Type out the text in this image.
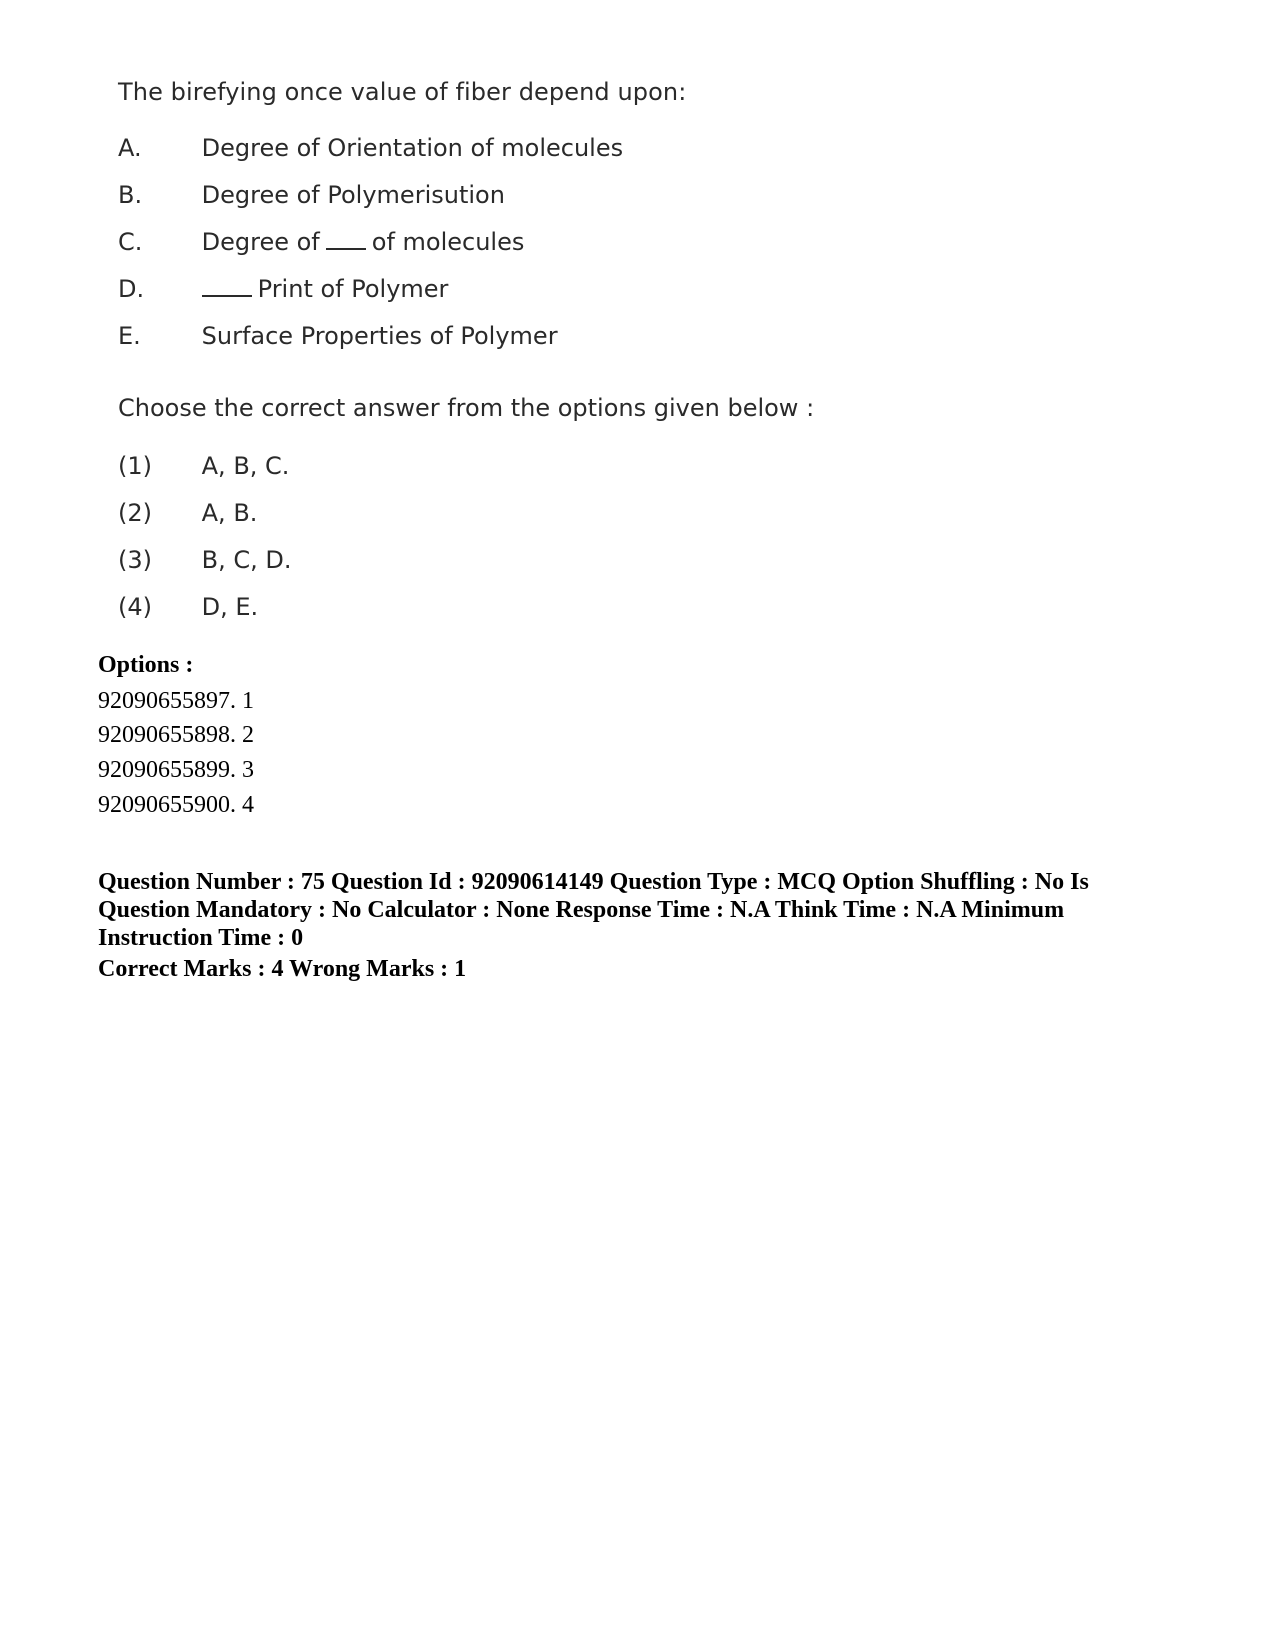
The birefying once value of fiber depend upon:
A.	Degree of Orientation of molecules
B. Degree of Polymerisution
C. Degree of of molecules
D.	Print of Polymer
E.	Surface Properties of Polymer
Choose the correct answer from the options given below :
(1) A, B, C.
(2) A, B.
(3) B, C, D.
(4) D, E.
Options :
92090655897. 1
92090655898. 2
92090655899. 3
92090655900. 4
Question Number : 75 Question Id : 92090614149 Question Type : MCQ Option Shuffling : No Is Question Mandatory : No Calculator : None Response Time : N.A Think Time : N.A Minimum Instruction Time : 0
Correct Marks : 4 Wrong Marks : 1
